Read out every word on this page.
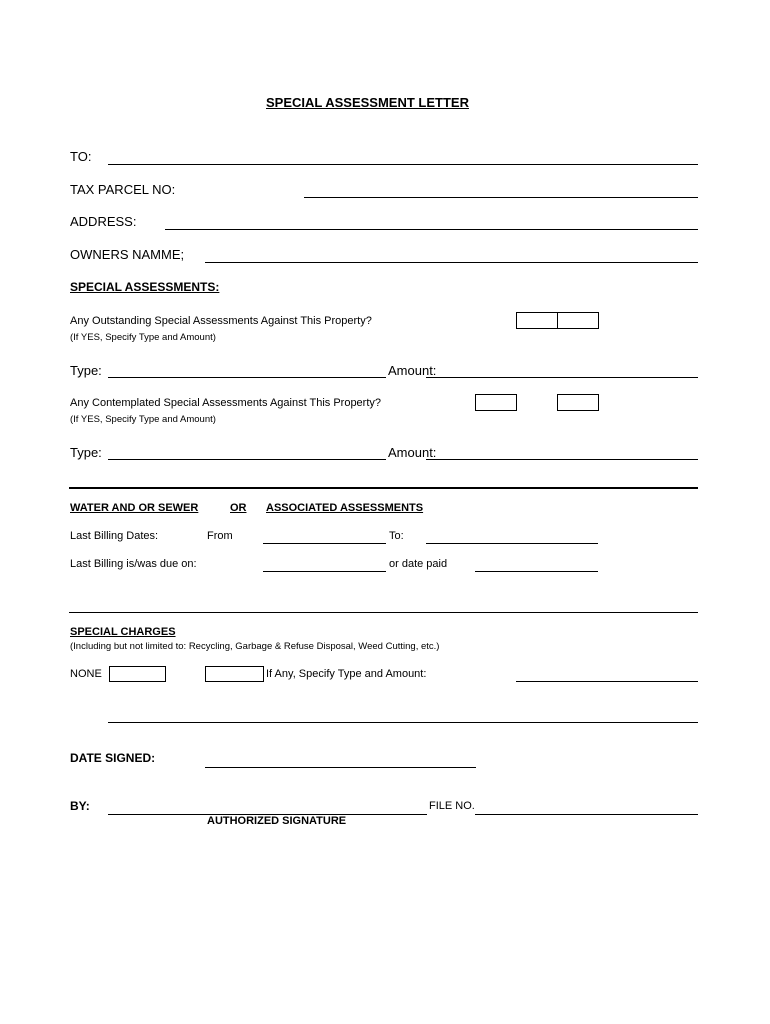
SPECIAL ASSESSMENT LETTER
TO:
TAX PARCEL NO:
ADDRESS:
OWNERS NAMME;
SPECIAL ASSESSMENTS:
Any Outstanding Special Assessments Against This Property?
(If YES, Specify Type and Amount)
Type:	Amount:
Any Contemplated Special Assessments Against This Property?
(If YES, Specify Type and Amount)
Type:	Amount:
WATER AND OR SEWER	OR ASSOCIATED ASSESSMENTS
Last Billing Dates:	From	To:
Last Billing is/was due on:	or date paid
SPECIAL CHARGES
(Including but not limited to: Recycling, Garbage & Refuse Disposal, Weed Cutting, etc.)
NONE	If Any, Specify Type and Amount:
DATE SIGNED:
BY:	FILE NO.
AUTHORIZED SIGNATURE
